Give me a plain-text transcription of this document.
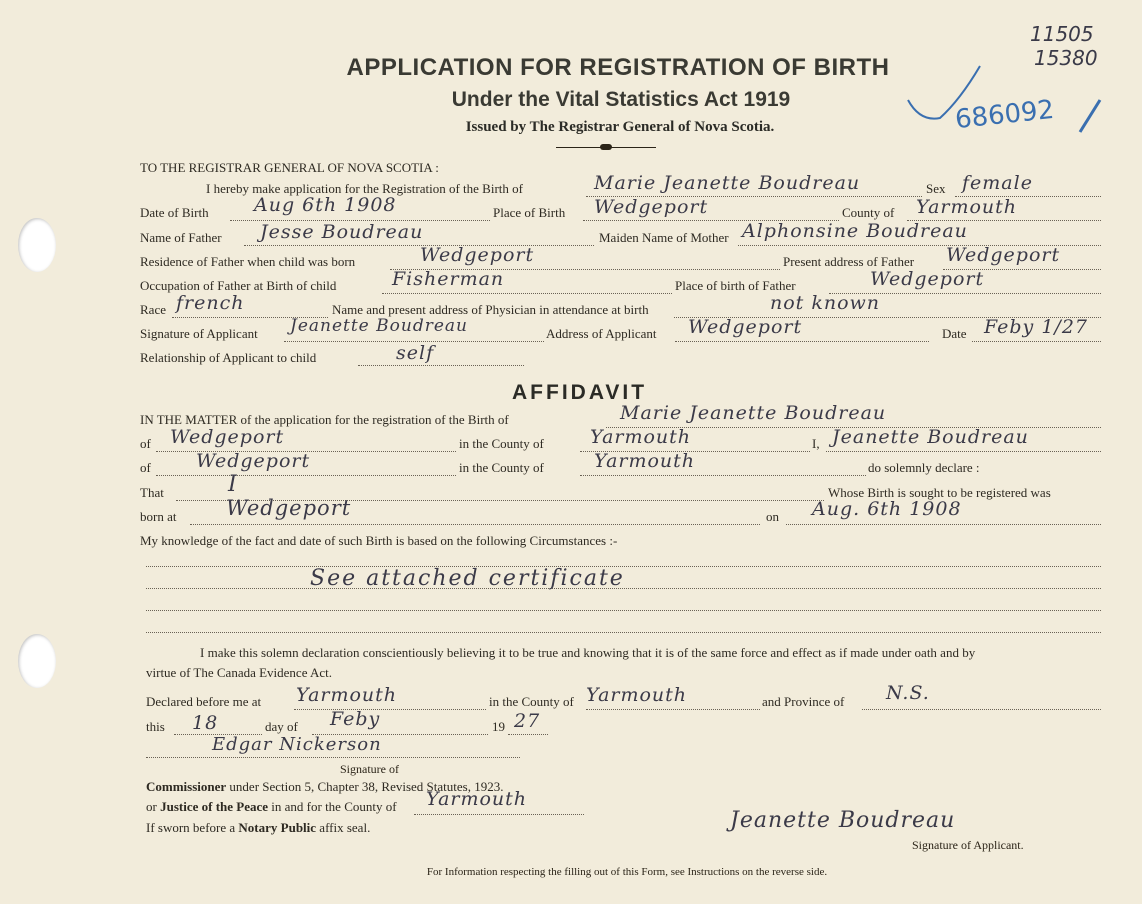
11505
15380
686092
APPLICATION FOR REGISTRATION OF BIRTH
Under the Vital Statistics Act 1919
Issued by The Registrar General of Nova Scotia.
TO THE REGISTRAR GENERAL OF NOVA SCOTIA :
I hereby make application for the Registration of the Birth of	Marie Jeanette Boudreau	Sex female
Date of Birth Aug 6th 1908	Place of Birth Wedgeport	County of Yarmouth
Name of Father Jesse Boudreau	Maiden Name of Mother Alphonsine Boudreau
Residence of Father when child was born	Wedgeport	Present address of Father Wedgeport
Occupation of Father at Birth of child	Fisherman	Place of birth of Father	Wedgeport
Race french	Name and present address of Physician in attendance at birth	not known
Signature of Applicant Jeanette Boudreau	Address of Applicant Wedgeport	Date Feby 1/27
Relationship of Applicant to child	self
AFFIDAVIT
IN THE MATTER of the application for the registration of the Birth of	Marie Jeanette Boudreau
of Wedgeport	in the County of Yarmouth	I, Jeanette Boudreau
of Wedgeport	in the County of	Yarmouth	do solemnly declare :
That	I	Whose Birth is sought to be registered was
born at Wedgeport	on Aug. 6th 1908
My knowledge of the fact and date of such Birth is based on the following Circumstances :-
See attached certificate
I make this solemn declaration conscientiously believing it to be true and knowing that it is of the same force and effect as if made under oath and by
virtue of The Canada Evidence Act.
Declared before me at Yarmouth	in the County of Yarmouth	and Province of N.S.
this 18	day of Feby	19 27
Edgar Nickerson
Signature of
Commissioner under Section 5, Chapter 38, Revised Statutes, 1923.
or Justice of the Peace in and for the County of Yarmouth
If sworn before a Notary Public affix seal.	Jeanette Boudreau
Signature of Applicant.
For Information respecting the filling out of this Form, see Instructions on the reverse side.
